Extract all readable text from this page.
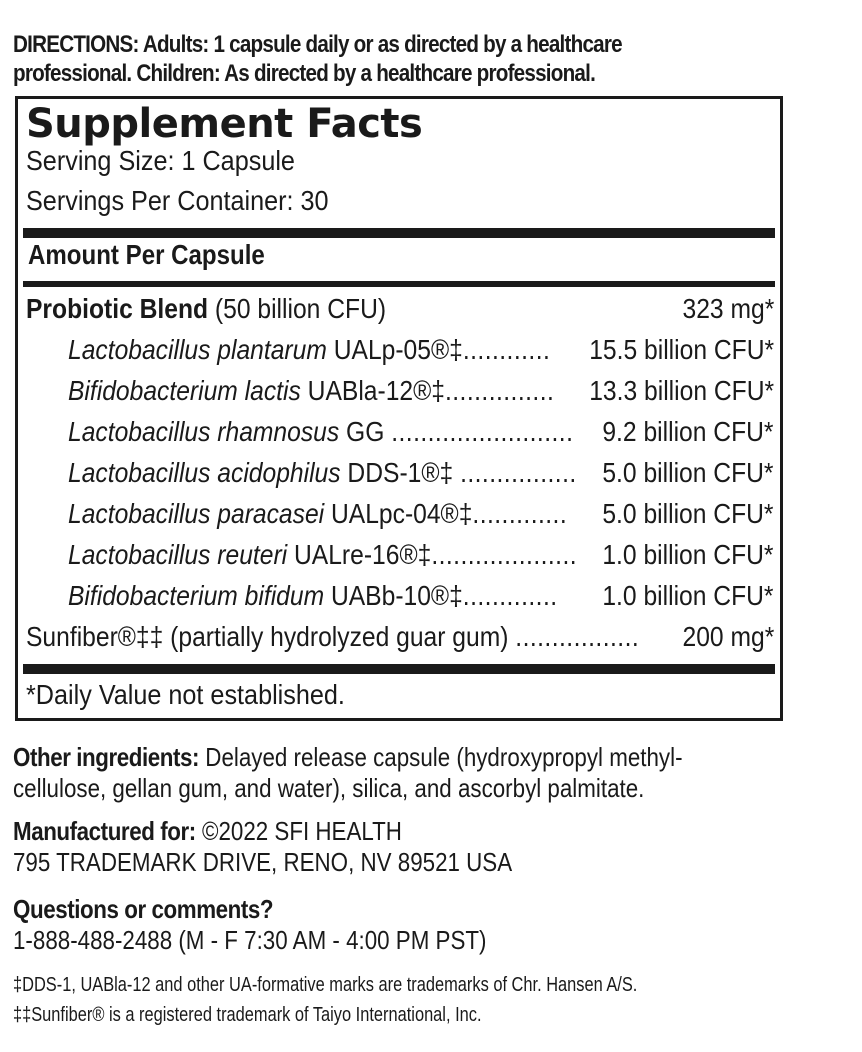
DIRECTIONS: Adults: 1 capsule daily or as directed by a healthcare
professional. Children: As directed by a healthcare professional.
Supplement Facts
Serving Size: 1 Capsule
Servings Per Container: 30
Amount Per Capsule
Probiotic Blend (50 billion CFU)	323 mg*
Lactobacillus plantarum UALp-05®‡............ 15.5 billion CFU*
Bifidobacterium lactis UABla-12®‡............... 13.3 billion CFU*
Lactobacillus rhamnosus GG ......................... 9.2 billion CFU*
Lactobacillus acidophilus DDS-1®‡ ................ 5.0 billion CFU*
Lactobacillus paracasei UALpc-04®‡............. 5.0 billion CFU*
Lactobacillus reuteri UALre-16®‡.................... 1.0 billion CFU*
Bifidobacterium bifidum UABb-10®‡............. 1.0 billion CFU*
Sunfiber®‡‡ (partially hydrolyzed guar gum) ................. 200 mg*
*Daily Value not established.
Other ingredients: Delayed release capsule (hydroxypropyl methyl-
cellulose, gellan gum, and water), silica, and ascorbyl palmitate.
Manufactured for: ©2022 SFI HEALTH
795 TRADEMARK DRIVE, RENO, NV 89521 USA
Questions or comments?
1-888-488-2488 (M - F 7:30 AM - 4:00 PM PST)
‡DDS-1, UABla-12 and other UA-formative marks are trademarks of Chr. Hansen A/S.
‡‡Sunfiber® is a registered trademark of Taiyo International, Inc.
